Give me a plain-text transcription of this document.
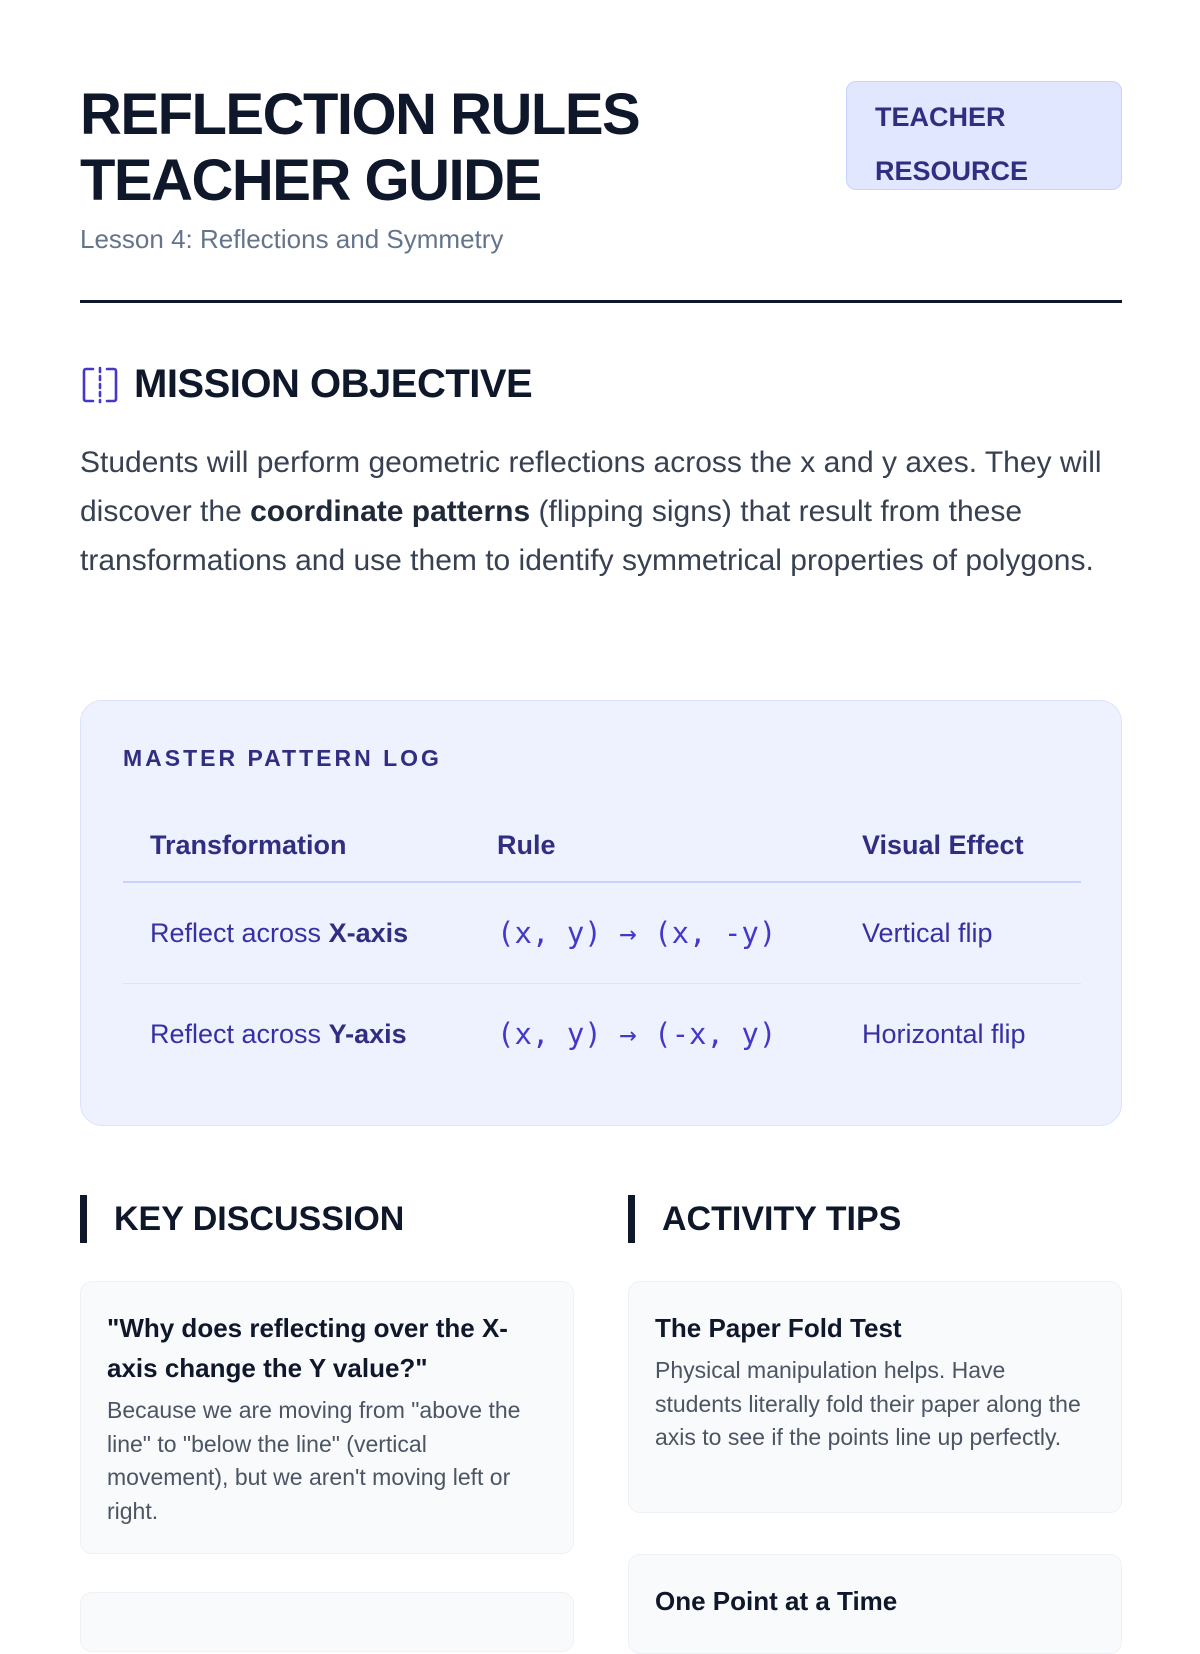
REFLECTION RULES
TEACHER GUIDE

Lesson 4: Reflections and Symmetry

TEACHER
RESOURCE
MISSION OBJECTIVE

Students will perform geometric reflections across the x and y axes. They will discover the coordinate patterns (flipping signs) that result from these transformations and use them to identify symmetrical properties of polygons.

MASTER PATTERN LOG

Transformation	Rule	Visual Effect
Reflect across X-axis	(x, y) → (x, -y)	Vertical flip
Reflect across Y-axis	(x, y) → (-x, y)	Horizontal flip
KEY DISCUSSION
"Why does reflecting over the X-axis change the Y value?"

Because we are moving from "above the line" to "below the line" (vertical movement), but we aren't moving left or right.

ACTIVITY TIPS
The Paper Fold Test

Physical manipulation helps. Have students literally fold their paper along the axis to see if the points line up perfectly.

One Point at a Time
